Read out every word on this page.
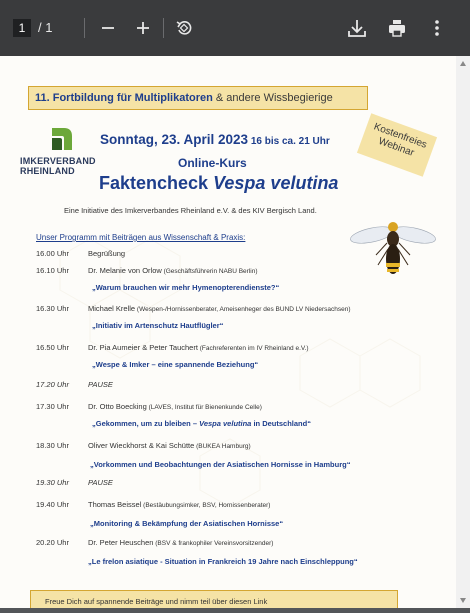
1 / 1
11. Fortbildung für Multiplikatoren & andere Wissbegierige
IMKERVERBAND
RHEINLAND
Sonntag, 23. April 2023 16 bis ca. 21 Uhr
Online-Kurs
Faktencheck Vespa velutina
Kostenfreies Webinar
Eine Initiative des Imkerverbandes Rheinland e.V. & des KIV Bergisch Land.
Unser Programm mit Beiträgen aus Wissenschaft & Praxis:
16.00 Uhr	Begrüßung
16.10 Uhr	Dr. Melanie von Orlow (Geschäftsführerin NABU Berlin)
„Warum brauchen wir mehr Hymenopterendienste?“
16.30 Uhr	Michael Krelle (Wespen-/Hornissenberater, Ameisenheger des BUND LV Niedersachsen)
„Initiativ im Artenschutz Hautflügler“
16.50 Uhr	Dr. Pia Aumeier & Peter Tauchert (Fachreferenten im IV Rheinland e.V.)
„Wespe & Imker – eine spannende Beziehung“
17.20 Uhr	PAUSE
17.30 Uhr	Dr. Otto Boecking (LAVES, Institut für Bienenkunde Celle)
„Gekommen, um zu bleiben – Vespa velutina in Deutschland“
18.30 Uhr	Oliver Wieckhorst & Kai Schütte (BUKEA Hamburg)
„Vorkommen und Beobachtungen der Asiatischen Hornisse in Hamburg“
19.30 Uhr	PAUSE
19.40 Uhr	Thomas Beissel (Bestäubungsimker, BSV, Hornissenberater)
„Monitoring & Bekämpfung der Asiatischen Hornisse“
20.20 Uhr	Dr. Peter Heuschen (BSV & frankophiler Vereinsvorsitzender)
„Le frelon asiatique - Situation in Frankreich 19 Jahre nach Einschleppung“
Freue Dich auf spannende Beiträge und nimm teil über diesen Link
